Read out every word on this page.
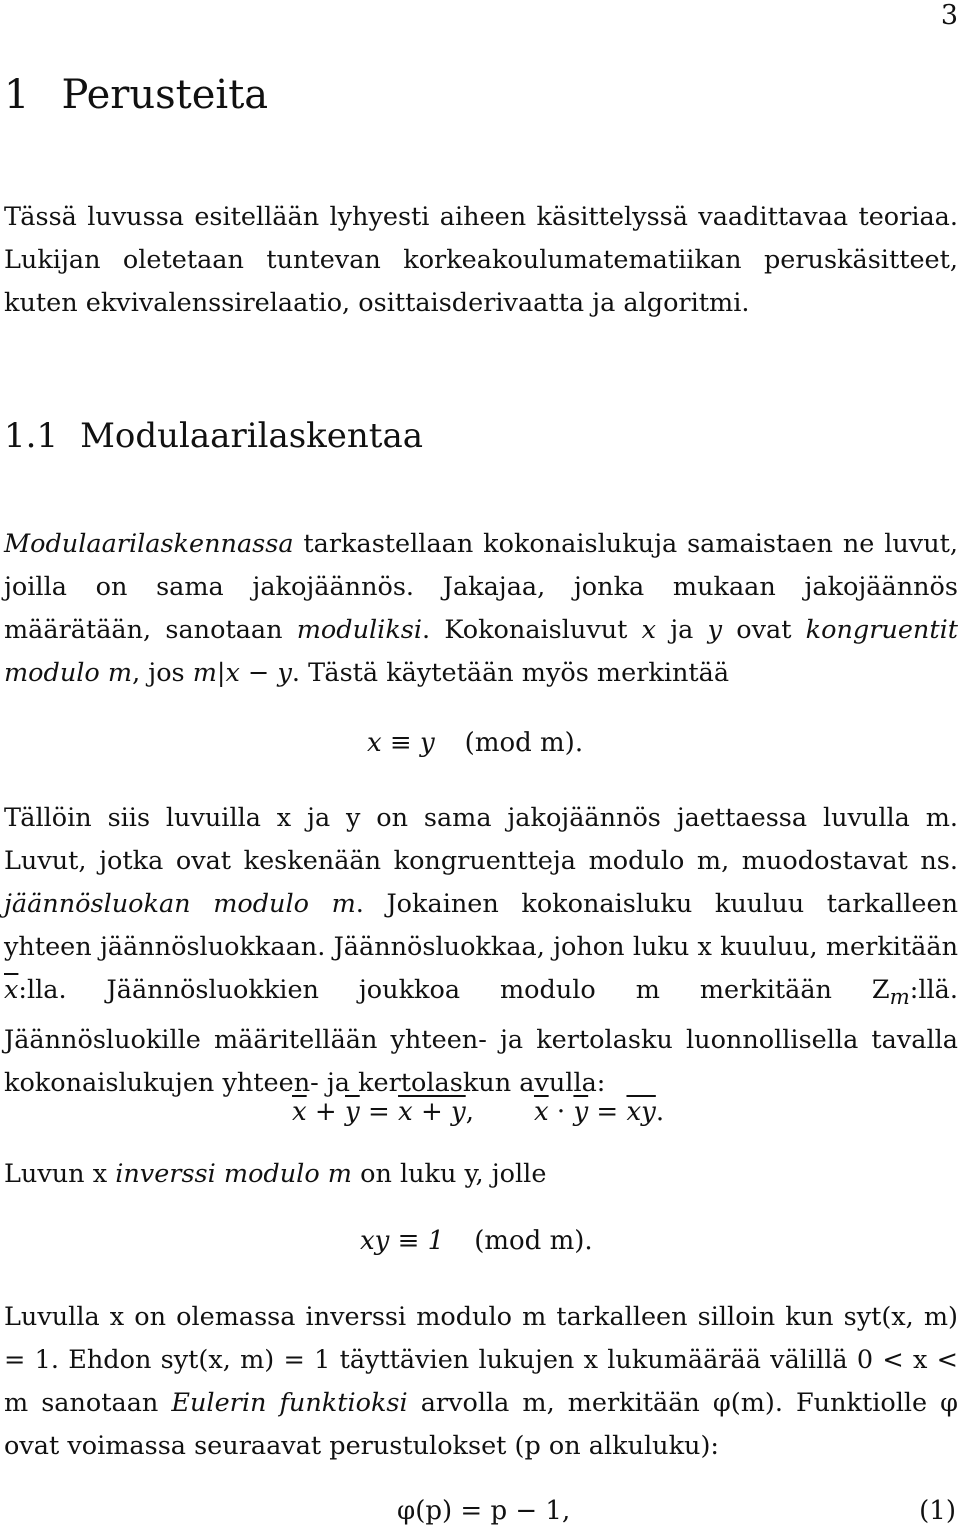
3
1 Perusteita
Tässä luvussa esitellään lyhyesti aiheen käsittelyssä vaadittavaa teoriaa. Lukijan oletetaan tuntevan korkeakoulumatematiikan peruskäsitteet, kuten ekvivalenssirelaatio, osittaisderivaatta ja algoritmi.
1.1 Modulaarilaskentaa
Modulaarilaskennassa tarkastellaan kokonaislukuja samaistaen ne luvut, joilla on sama jakojäännös. Jakajaa, jonka mukaan jakojäännös määrätään, sanotaan moduliksi. Kokonaisluvut x ja y ovat kongruentit modulo m, jos m|x − y. Tästä käytetään myös merkintää
x ≡ y (mod m).
Tällöin siis luvuilla x ja y on sama jakojäännös jaettaessa luvulla m. Luvut, jotka ovat keskenään kongruentteja modulo m, muodostavat ns. jäännösluokan modulo m. Jokainen kokonaisluku kuuluu tarkalleen yhteen jäännösluokkaan. Jäännösluokkaa, johon luku x kuuluu, merkitään $\overline{x}:lla$. Jäännösluokkien joukkoa modulo m merkitään $Z_m:llä$. Jäännösluokille määritellään yhteen- ja kertolasku luonnollisella tavalla kokonaislukujen yhteen- ja kertolaskun avulla:
$\overline{x} + \overline{y} = x + y$, $\overline{x} \cdot \overline{y} = \overline{xy}$.
Luvun x inverssi modulo m on luku y, jolle
xy ≡ 1 (mod m).
Luvulla x on olemassa inverssi modulo m tarkalleen silloin kun syt(x, m) = 1. Ehdon syt(x, m) = 1 täyttävien lukujen x lukumäärää välillä 0 < x < m sanotaan Eulerin funktioksi arvolla m, merkitään φ(m). Funktiolle φ ovat voimassa seuraavat perustulokset (p on alkuluku):
φ(p) = p − 1,	(1)
